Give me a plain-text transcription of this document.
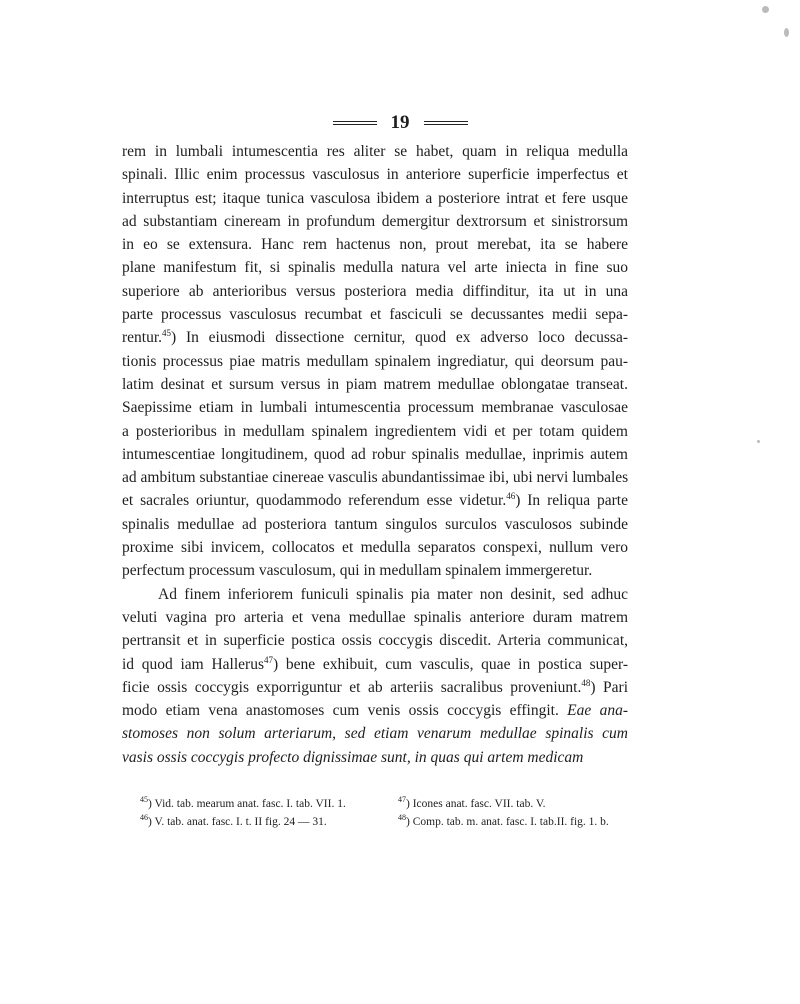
19
rem in lumbali intumescentia res aliter se habet, quam in reliqua medulla
spinali. Illic enim processus vasculosus in anteriore superficie imperfectus et
interruptus est; itaque tunica vasculosa ibidem a posteriore intrat et fere usque
ad substantiam cineream in profundum demergitur dextrorsum et sinistrorsum
in eo se extensura. Hanc rem hactenus non, prout merebat, ita se habere
plane manifestum fit, si spinalis medulla natura vel arte iniecta in fine suo
superiore ab anterioribus versus posteriora media diffinditur, ita ut in una
parte processus vasculosus recumbat et fasciculi se decussantes medii sepa-
rentur.$^{45}$) In eiusmodi dissectione cernitur, quod ex adverso loco decussa-
tionis processus piae matris medullam spinalem ingrediatur, qui deorsum pau-
latim desinat et sursum versus in piam matrem medullae oblongatae transeat.
Saepissime etiam in lumbali intumescentia processum membranae vasculosae
a posterioribus in medullam spinalem ingredientem vidi et per totam quidem
intumescentiae longitudinem, quod ad robur spinalis medullae, inprimis autem
ad ambitum substantiae cinereae vasculis abundantissimae ibi, ubi nervi lumbales
et sacrales oriuntur, quodammodo referendum esse videtur.$^{46}$) In reliqua parte
spinalis medullae ad posteriora tantum singulos surculos vasculosos subinde
proxime sibi invicem, collocatos et medulla separatos conspexi, nullum vero
perfectum processum vasculosum, qui in medullam spinalem immergeretur.
Ad finem inferiorem funiculi spinalis pia mater non desinit, sed adhuc
veluti vagina pro arteria et vena medullae spinalis anteriore duram matrem
pertransit et in superficie postica ossis coccygis discedit. Arteria communicat,
id quod iam Hallerus$^{47}$) bene exhibuit, cum vasculis, quae in postica super-
ficie ossis coccygis exporriguntur et ab arteriis sacralibus proveniunt.$^{48}$) Pari
modo etiam vena anastomoses cum venis ossis coccygis effingit. Eae ana-
stomoses non solum arteriarum, sed etiam venarum medullae spinalis cum
vasis ossis coccygis profecto dignissimae sunt, in quas qui artem medicam
$^{45}$) Vid. tab. mearum anat. fasc. I. tab. VII. 1.
$^{46}$) V. tab. anat. fasc. I. t. II fig. 24 — 31.
$^{47}$) Icones anat. fasc. VII. tab. V.
$^{48}$) Comp. tab. m. anat. fasc. I. tab.II. fig. 1. b.
